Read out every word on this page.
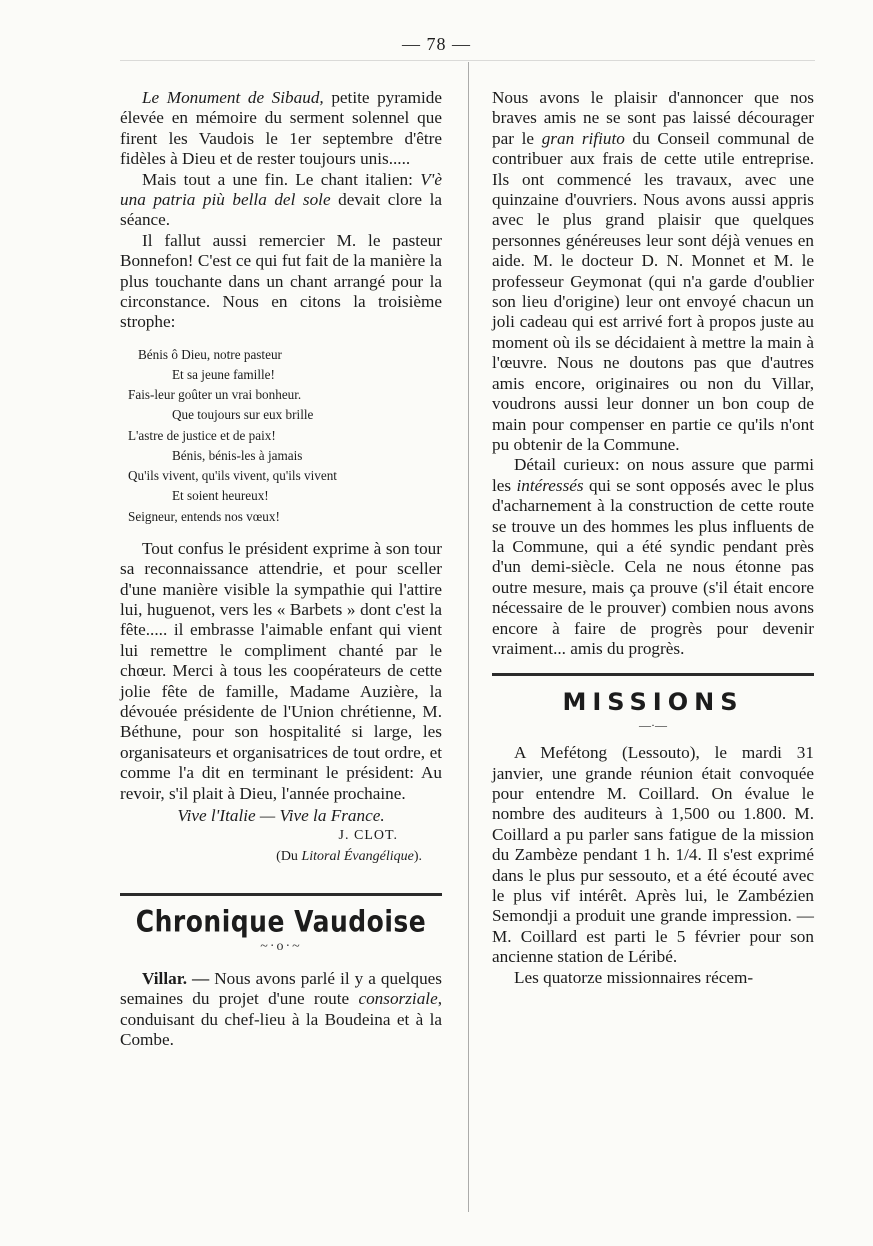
— 78 —

Le Monument de Sibaud, petite pyramide élevée en mémoire du serment solennel que firent les Vaudois le 1er septembre d'être fidèles à Dieu et de rester toujours unis.....

Mais tout a une fin. Le chant italien: V'è una patria più bella del sole devait clore la séance.

Il fallut aussi remercier M. le pasteur Bonnefon! C'est ce qui fut fait de la manière la plus touchante dans un chant arrangé pour la circonstance. Nous en citons la troisième strophe:

Bénis ô Dieu, notre pasteur
Et sa jeune famille!
Fais-leur goûter un vrai bonheur.
Que toujours sur eux brille
L'astre de justice et de paix!
Bénis, bénis-les à jamais
Qu'ils vivent, qu'ils vivent, qu'ils vivent
Et soient heureux!
Seigneur, entends nos vœux!

Tout confus le président exprime à son tour sa reconnaissance attendrie, et pour sceller d'une manière visible la sympathie qui l'attire lui, huguenot, vers les « Barbets » dont c'est la fête..... il embrasse l'aimable enfant qui vient lui remettre le compliment chanté par le chœur. Merci à tous les coopérateurs de cette jolie fête de famille, Madame Auzière, la dévouée présidente de l'Union chrétienne, M. Béthune, pour son hospitalité si large, les organisateurs et organisatrices de tout ordre, et comme l'a dit en terminant le président: Au revoir, s'il plait à Dieu, l'année prochaine.

Vive l'Italie — Vive la France.
J. CLOT.
(Du Litoral Évangélique).
Chronique Vaudoise
~·o·~

Villar. — Nous avons parlé il y a quelques semaines du projet d'une route consorziale, conduisant du chef-lieu à la Boudeina et à la Combe.

Nous avons le plaisir d'annoncer que nos braves amis ne se sont pas laissé décourager par le gran rifiuto du Conseil communal de contribuer aux frais de cette utile entreprise. Ils ont commencé les travaux, avec une quinzaine d'ouvriers. Nous avons aussi appris avec le plus grand plaisir que quelques personnes généreuses leur sont déjà venues en aide. M. le docteur D. N. Monnet et M. le professeur Geymonat (qui n'a garde d'oublier son lieu d'origine) leur ont envoyé chacun un joli cadeau qui est arrivé fort à propos juste au moment où ils se décidaient à mettre la main à l'œuvre. Nous ne doutons pas que d'autres amis encore, originaires ou non du Villar, voudrons aussi leur donner un bon coup de main pour compenser en partie ce qu'ils n'ont pu obtenir de la Commune.

Détail curieux: on nous assure que parmi les intéressés qui se sont opposés avec le plus d'acharnement à la construction de cette route se trouve un des hommes les plus influents de la Commune, qui a été syndic pendant près d'un demi-siècle. Cela ne nous étonne pas outre mesure, mais ça prouve (s'il était encore nécessaire de le prouver) combien nous avons encore à faire de progrès pour devenir vraiment... amis du progrès.

MISSIONS
—·—

A Mefétong (Lessouto), le mardi 31 janvier, une grande réunion était convoquée pour entendre M. Coillard. On évalue le nombre des auditeurs à 1,500 ou 1.800. M. Coillard a pu parler sans fatigue de la mission du Zambèze pendant 1 h. 1/4. Il s'est exprimé dans le plus pur sessouto, et a été écouté avec le plus vif intérêt. Après lui, le Zambézien Semondji a produit une grande impression. — M. Coillard est parti le 5 février pour son ancienne station de Léribé.

Les quatorze missionnaires récem-
